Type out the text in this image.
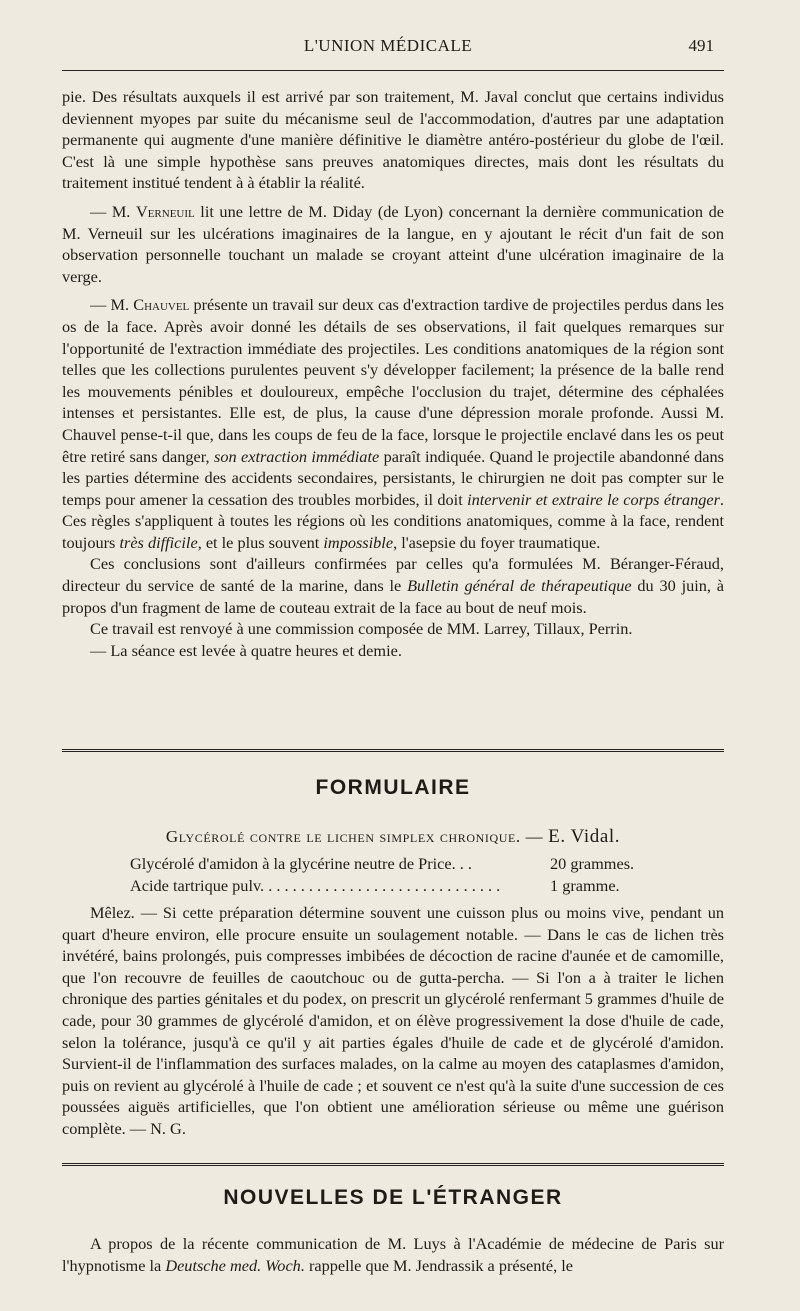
L'UNION MÉDICALE	491

pie. Des résultats auxquels il est arrivé par son traitement, M. Javal conclut que certains individus deviennent myopes par suite du mécanisme seul de l'accommodation, d'autres par une adaptation permanente qui augmente d'une manière définitive le diamètre antéro-postérieur du globe de l'œil. C'est là une simple hypothèse sans preuves anatomiques directes, mais dont les résultats du traitement institué tendent à à établir la réalité.

— M. Verneuil lit une lettre de M. Diday (de Lyon) concernant la dernière communication de M. Verneuil sur les ulcérations imaginaires de la langue, en y ajoutant le récit d'un fait de son observation personnelle touchant un malade se croyant atteint d'une ulcération imaginaire de la verge.

— M. Chauvel présente un travail sur deux cas d'extraction tardive de projectiles perdus dans les os de la face. Après avoir donné les détails de ses observations, il fait quelques remarques sur l'opportunité de l'extraction immédiate des projectiles. Les conditions anatomiques de la région sont telles que les collections purulentes peuvent s'y développer facilement; la présence de la balle rend les mouvements pénibles et douloureux, empêche l'occlusion du trajet, détermine des céphalées intenses et persistantes. Elle est, de plus, la cause d'une dépression morale profonde. Aussi M. Chauvel pense-t-il que, dans les coups de feu de la face, lorsque le projectile enclavé dans les os peut être retiré sans danger, son extraction immédiate paraît indiquée. Quand le projectile abandonné dans les parties détermine des accidents secondaires, persistants, le chirurgien ne doit pas compter sur le temps pour amener la cessation des troubles morbides, il doit intervenir et extraire le corps étranger. Ces règles s'appliquent à toutes les régions où les conditions anatomiques, comme à la face, rendent toujours très difficile, et le plus souvent impossible, l'asepsie du foyer traumatique.

Ces conclusions sont d'ailleurs confirmées par celles qu'a formulées M. Béranger-Féraud, directeur du service de santé de la marine, dans le Bulletin général de thérapeutique du 30 juin, à propos d'un fragment de lame de couteau extrait de la face au bout de neuf mois.

Ce travail est renvoyé à une commission composée de MM. Larrey, Tillaux, Perrin.

— La séance est levée à quatre heures et demie.

FORMULAIRE
Glycérolé contre le lichen simplex chronique. — E. Vidal.
Glycérolé d'amidon à la glycérine neutre de Price. . .	20 grammes.
Acide tartrique pulv. . . . . . . . . . . . . . . . . . . . . . . . . . . . . .	1 gramme.
Mêlez. — Si cette préparation détermine souvent une cuisson plus ou moins vive, pendant un quart d'heure environ, elle procure ensuite un soulagement notable. — Dans le cas de lichen très invétéré, bains prolongés, puis compresses imbibées de décoction de racine d'aunée et de camomille, que l'on recouvre de feuilles de caoutchouc ou de gutta-percha. — Si l'on a à traiter le lichen chronique des parties génitales et du podex, on prescrit un glycérolé renfermant 5 grammes d'huile de cade, pour 30 grammes de glycérolé d'amidon, et on élève progressivement la dose d'huile de cade, selon la tolérance, jusqu'à ce qu'il y ait parties égales d'huile de cade et de glycérolé d'amidon. Survient-il de l'inflammation des surfaces malades, on la calme au moyen des cataplasmes d'amidon, puis on revient au glycérolé à l'huile de cade ; et souvent ce n'est qu'à la suite d'une succession de ces poussées aiguës artificielles, que l'on obtient une amélioration sérieuse ou même une guérison complète. — N. G.
NOUVELLES DE L'ÉTRANGER
A propos de la récente communication de M. Luys à l'Académie de médecine de Paris sur l'hypnotisme la Deutsche med. Woch. rappelle que M. Jendrassik a présenté, le
